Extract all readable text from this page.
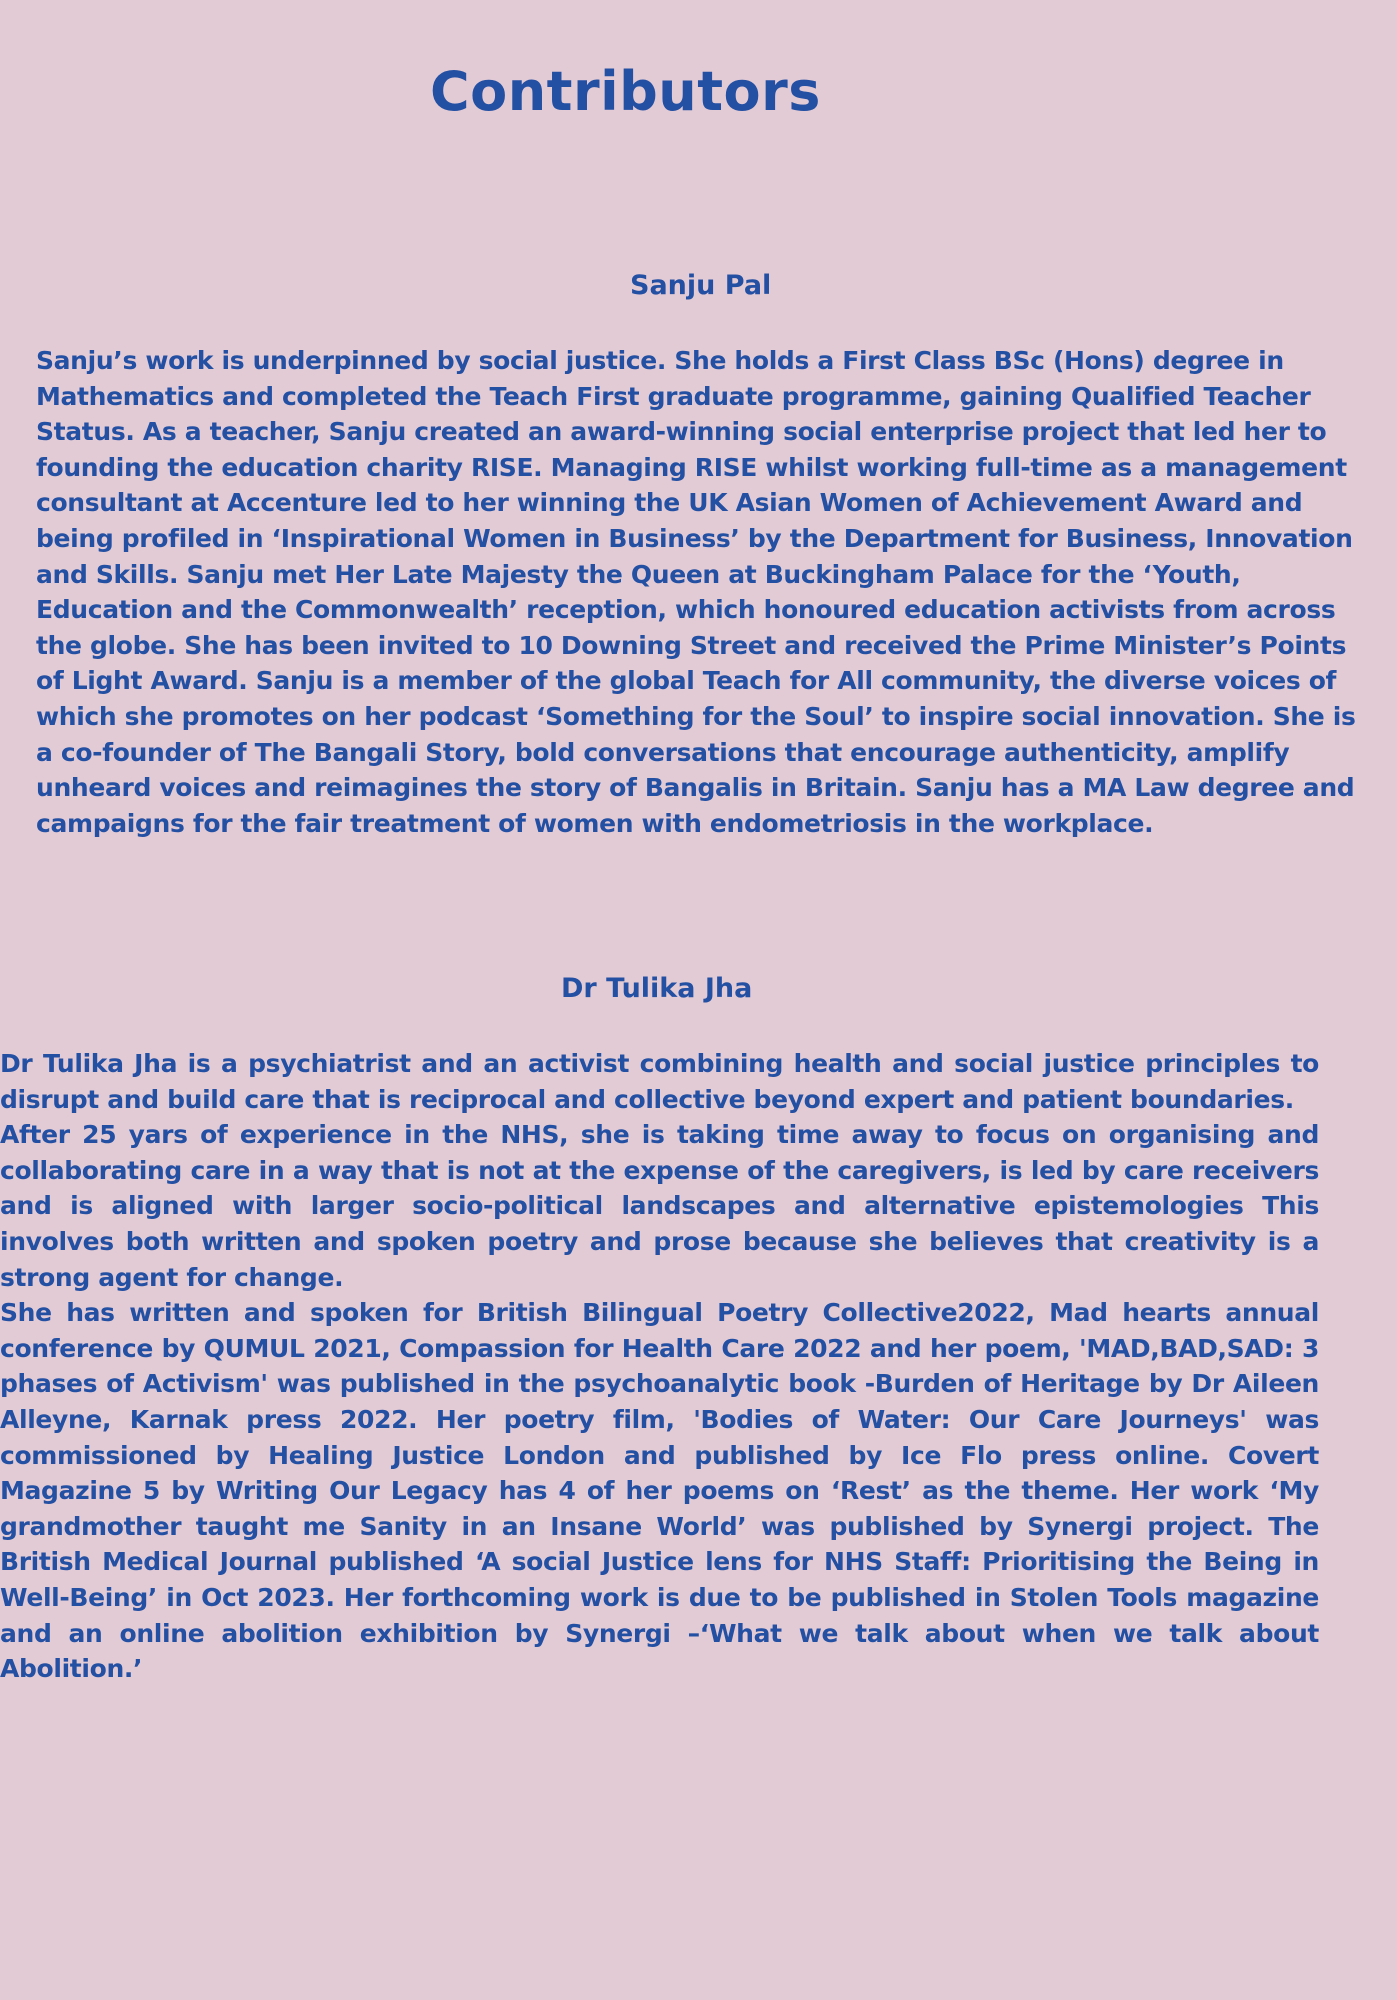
Contributors
Sanju Pal

Sanju’s work is underpinned by social justice. She holds a First Class BSc (Hons) degree in Mathematics and completed the Teach First graduate programme, gaining Qualified Teacher Status. As a teacher, Sanju created an award-winning social enterprise project that led her to founding the education charity RISE. Managing RISE whilst working full-time as a management consultant at Accenture led to her winning the UK Asian Women of Achievement Award and being profiled in ‘Inspirational Women in Business’ by the Department for Business, Innovation and Skills. Sanju met Her Late Majesty the Queen at Buckingham Palace for the ‘Youth, Education and the Commonwealth’ reception, which honoured education activists from across the globe. She has been invited to 10 Downing Street and received the Prime Minister’s Points of Light Award. Sanju is a member of the global Teach for All community, the diverse voices of which she promotes on her podcast ‘Something for the Soul’ to inspire social innovation. She is a co-founder of The Bangali Story, bold conversations that encourage authenticity, amplify unheard voices and reimagines the story of Bangalis in Britain. Sanju has a MA Law degree and campaigns for the fair treatment of women with endometriosis in the workplace.

Dr Tulika Jha

Dr Tulika Jha is a psychiatrist and an activist combining health and social justice principles to disrupt and build care that is reciprocal and collective beyond expert and patient boundaries.

After 25 yars of experience in the NHS, she is taking time away to focus on organising and collaborating care in a way that is not at the expense of the caregivers, is led by care receivers and is aligned with larger socio-political landscapes and alternative epistemologies This involves both written and spoken poetry and prose because she believes that creativity is a strong agent for change.

She has written and spoken for British Bilingual Poetry Collective2022, Mad hearts annual conference by QUMUL 2021, Compassion for Health Care 2022 and her poem, 'MAD,BAD,SAD: 3 phases of Activism' was published in the psychoanalytic book -Burden of Heritage by Dr Aileen Alleyne, Karnak press 2022. Her poetry film, 'Bodies of Water: Our Care Journeys' was commissioned by Healing Justice London and published by Ice Flo press online. Covert Magazine 5 by Writing Our Legacy has 4 of her poems on ‘Rest’ as the theme. Her work ‘My grandmother taught me Sanity in an Insane World’ was published by Synergi project. The British Medical Journal published ‘A social Justice lens for NHS Staff: Prioritising the Being in Well-Being’ in Oct 2023. Her forthcoming work is due to be published in Stolen Tools magazine and an online abolition exhibition by Synergi –‘What we talk about when we talk about Abolition.’
